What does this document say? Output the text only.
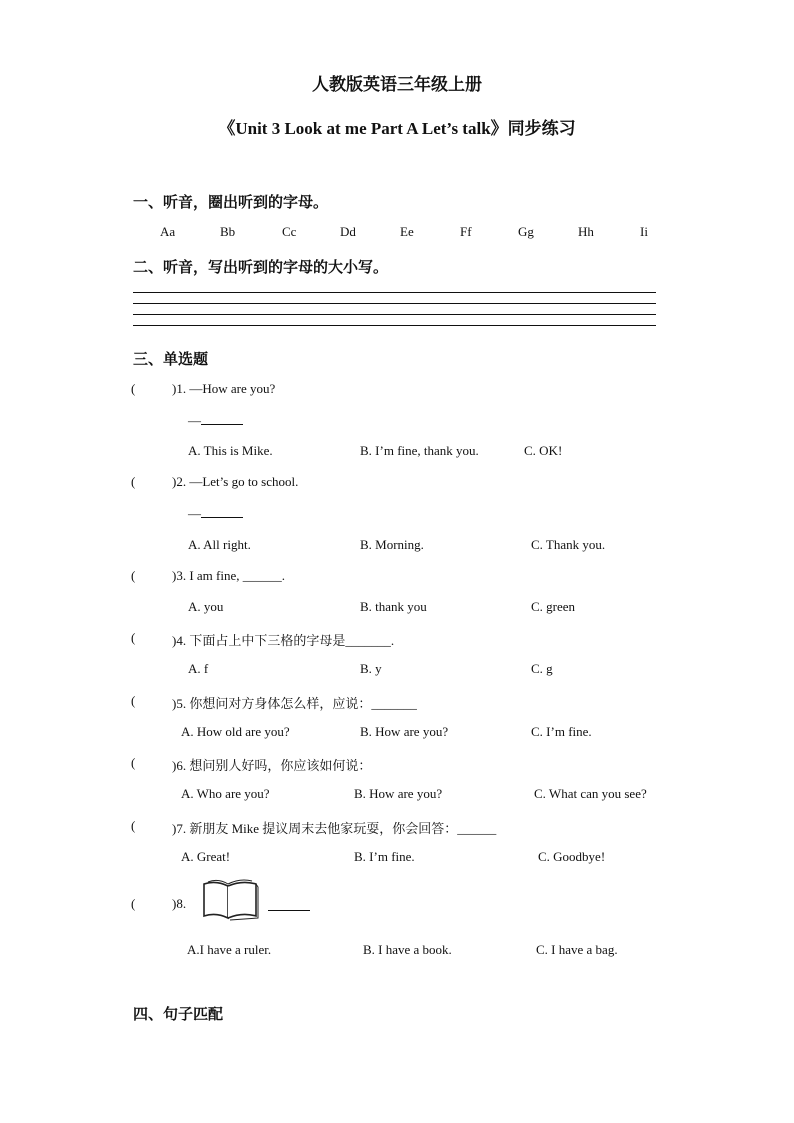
人教版英语三年级上册
《Unit 3 Look at me Part A Let’s talk》同步练习
一、听音，圈出听到的字母。
Aa	Bb	Cc	Dd	Ee	Ff	Gg	Hh	Ii
二、听音，写出听到的字母的大小写。
三、单选题
(	)1. —How are you?
—
A. This is Mike.	B. I’m fine, thank you.	C. OK!
(	)2. —Let’s go to school.
—
A. All right.	B. Morning.	C. Thank you.
(	)3. I am fine, ______.
A. you	B. thank you	C. green
(	)4. 下面占上中下三格的字母是_______.
A. f	B. y	C. g
(	)5. 你想问对方身体怎么样，应说：_______
A. How old are you?	B. How are you?	C. I’m fine.
(	)6. 想问别人好吗，你应该如何说：
A. Who are you?	B. How are you?	C. What can you see?
(	)7. 新朋友 Mike 提议周末去他家玩耍，你会回答：______
A. Great!	B. I’m fine.	C. Goodbye!
(	)8.
A.I have a ruler.	B. I have a book.	C. I have a bag.
四、句子匹配
